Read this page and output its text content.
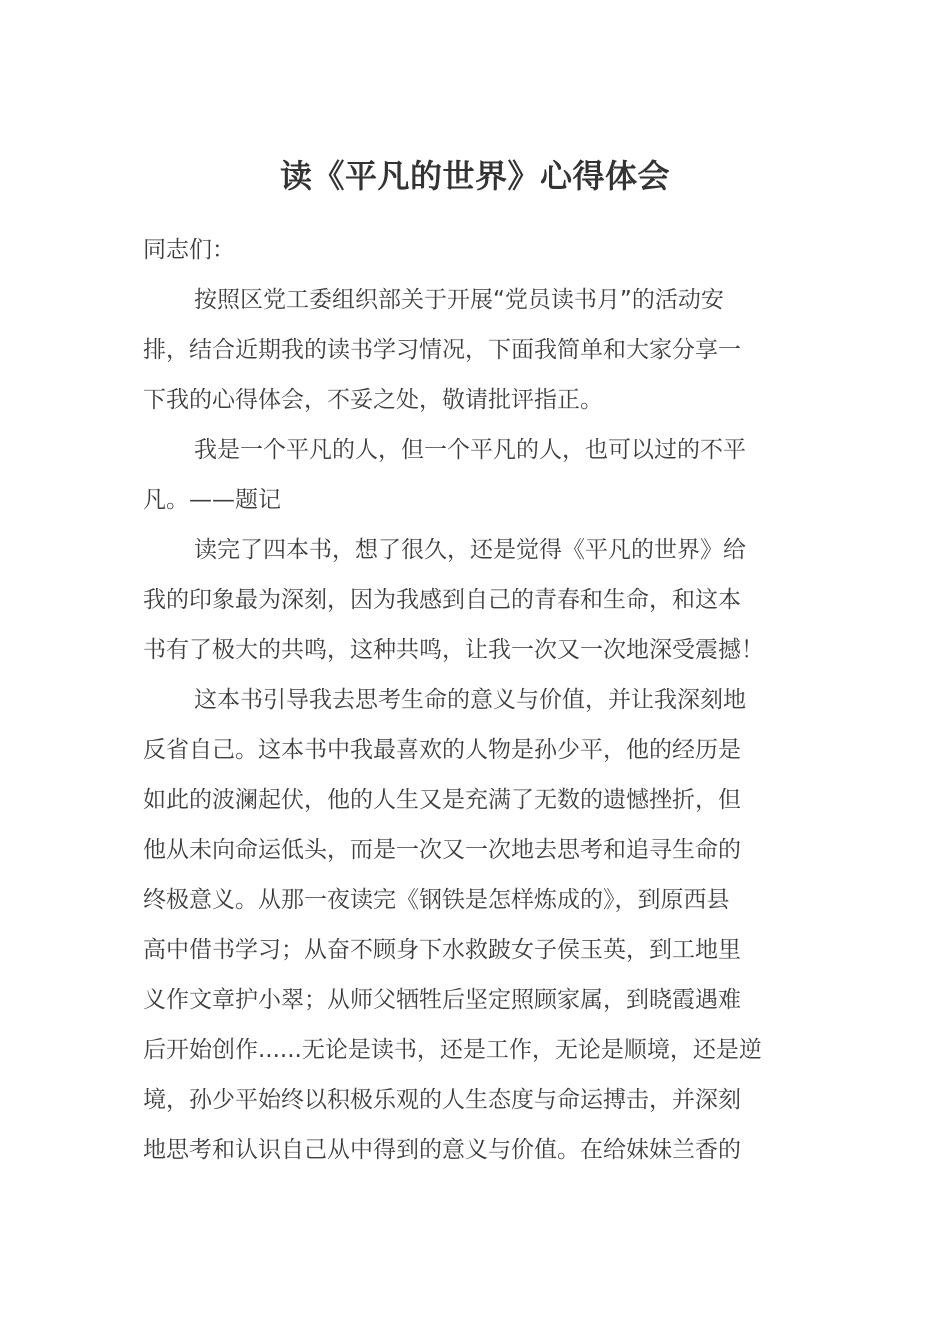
读《平凡的世界》心得体会
同志们：
按照区党工委组织部关于开展“党员读书月”的活动安
排，结合近期我的读书学习情况，下面我简单和大家分享一
下我的心得体会，不妥之处，敬请批评指正。
我是一个平凡的人，但一个平凡的人，也可以过的不平
凡。——题记
读完了四本书，想了很久，还是觉得《平凡的世界》给
我的印象最为深刻，因为我感到自己的青春和生命，和这本
书有了极大的共鸣，这种共鸣，让我一次又一次地深受震撼！
这本书引导我去思考生命的意义与价值，并让我深刻地
反省自己。这本书中我最喜欢的人物是孙少平，他的经历是
如此的波澜起伏，他的人生又是充满了无数的遗憾挫折，但
他从未向命运低头，而是一次又一次地去思考和追寻生命的
终极意义。从那一夜读完《钢铁是怎样炼成的》，到原西县
高中借书学习；从奋不顾身下水救跛女子侯玉英，到工地里
义作文章护小翠；从师父牺牲后坚定照顾家属，到晓霞遇难
后开始创作......无论是读书，还是工作，无论是顺境，还是逆
境，孙少平始终以积极乐观的人生态度与命运搏击，并深刻
地思考和认识自己从中得到的意义与价值。在给妹妹兰香的
